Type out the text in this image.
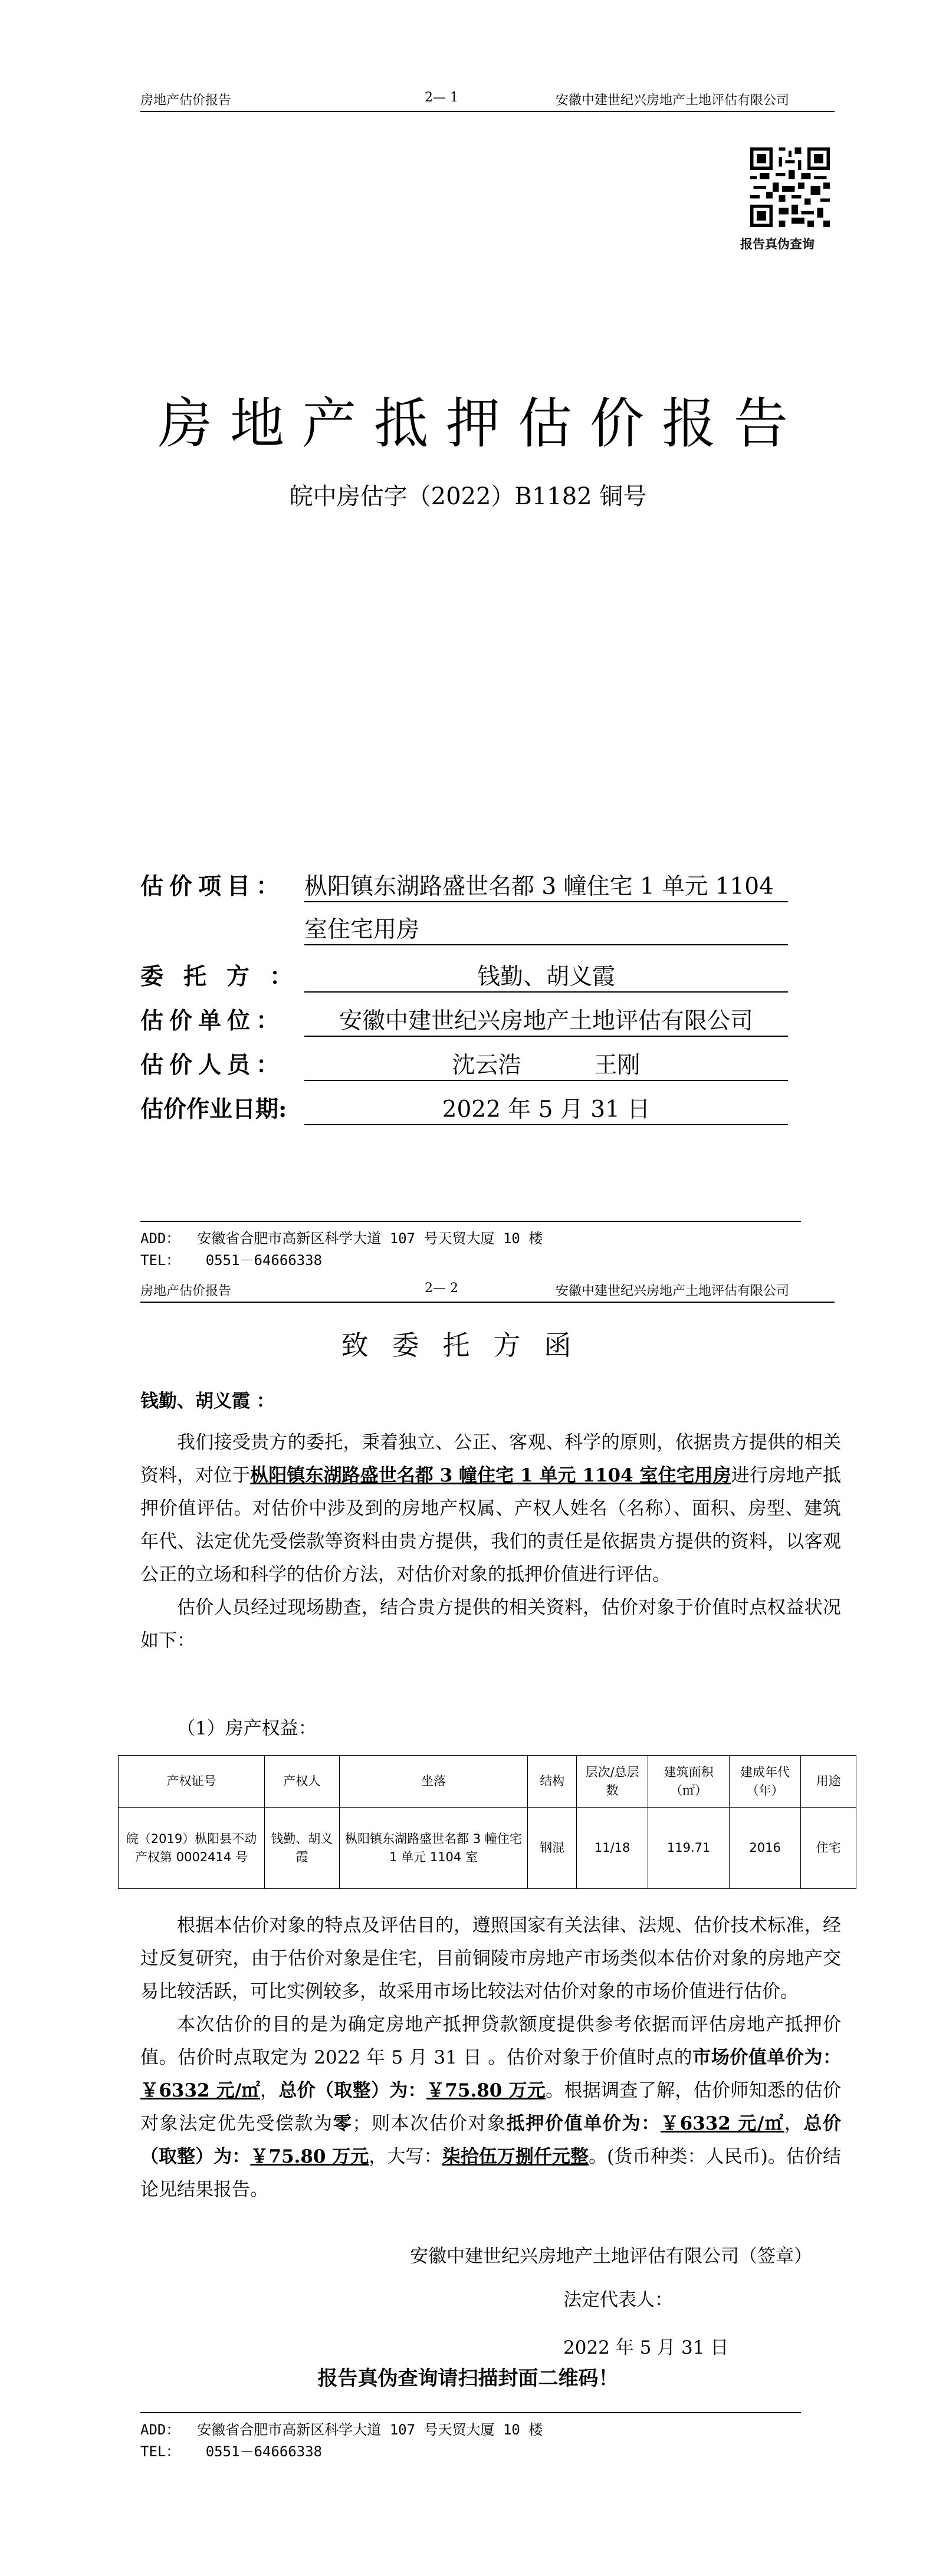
房地产估价报告	2— 1	安徽中建世纪兴房地产土地评估有限公司
报告真伪查询
房地产抵押估价报告
皖中房估字（2022）B1182 铜号
估价项目： 枞阳镇东湖路盛世名都 3 幢住宅 1 单元 1104
室住宅用房
委托方：	钱勤、胡义霞
估价单位：	安徽中建世纪兴房地产土地评估有限公司
估价人员：	沈云浩          王刚
估价作业日期:	2022 年 5 月 31 日
ADD：  安徽省合肥市高新区科学大道 107 号天贸大厦 10 楼
TEL：   0551－64666338
房地产估价报告	2— 2	安徽中建世纪兴房地产土地评估有限公司
致委托方函
钱勤、胡义霞 ：

我们接受贵方的委托，秉着独立、公正、客观、科学的原则，依据贵方提供的相关资料，对位于枞阳镇东湖路盛世名都 3 幢住宅 1 单元 1104 室住宅用房进行房地产抵押价值评估。对估价中涉及到的房地产权属、产权人姓名（名称）、面积、房型、建筑年代、法定优先受偿款等资料由贵方提供，我们的责任是依据贵方提供的资料，以客观公正的立场和科学的估价方法，对估价对象的抵押价值进行评估。

估价人员经过现场勘查，结合贵方提供的相关资料，估价对象于价值时点权益状况如下：

（1）房产权益：
产权证号	产权人	坐落	结构	层次/总层数	建筑面积（㎡）	建成年代（年）	用途
皖（2019）枞阳县不动产权第 0002414 号	钱勤、胡义霞	枞阳镇东湖路盛世名都 3 幢住宅 1 单元 1104 室	钢混	11/18	119.71	2016	住宅

根据本估价对象的特点及评估目的，遵照国家有关法律、法规、估价技术标准，经过反复研究，由于估价对象是住宅，目前铜陵市房地产市场类似本估价对象的房地产交易比较活跃，可比实例较多，故采用市场比较法对估价对象的市场价值进行估价。

本次估价的目的是为确定房地产抵押贷款额度提供参考依据而评估房地产抵押价值。估价时点取定为 2022 年 5 月 31 日 。估价对象于价值时点的市场价值单价为：￥6332 元/㎡，总价（取整）为：￥75.80 万元。根据调查了解，估价师知悉的估价对象法定优先受偿款为零；则本次估价对象抵押价值单价为：￥6332 元/㎡，总价（取整）为：￥75.80 万元，大写：柒拾伍万捌仟元整。(货币种类：人民币)。估价结论见结果报告。

安徽中建世纪兴房地产土地评估有限公司（签章）
法定代表人：
2022 年 5 月 31 日
报告真伪查询请扫描封面二维码！
ADD：  安徽省合肥市高新区科学大道 107 号天贸大厦 10 楼
TEL：   0551－64666338
